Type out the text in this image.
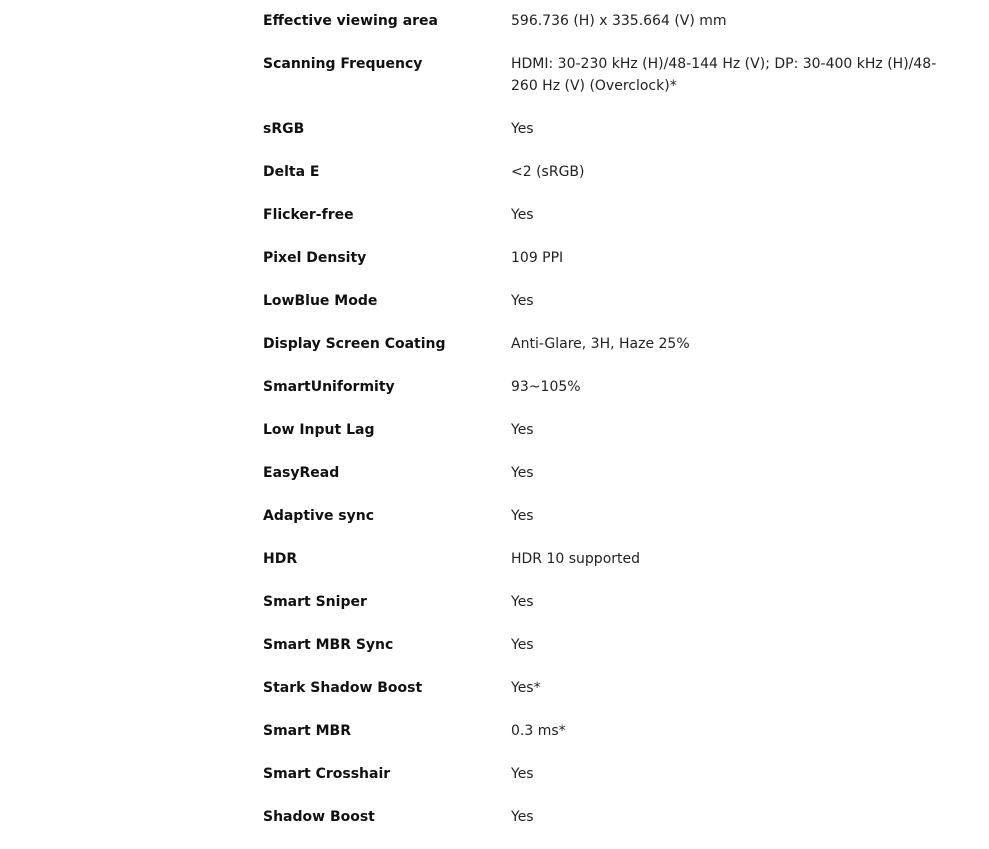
Effective viewing area	596.736 (H) x 335.664 (V) mm
Scanning Frequency	HDMI: 30-230 kHz (H)/48-144 Hz (V); DP: 30-400 kHz (H)/48-260 Hz (V) (Overclock)*
sRGB	Yes
Delta E	<2 (sRGB)
Flicker-free	Yes
Pixel Density	109 PPI
LowBlue Mode	Yes
Display Screen Coating	Anti-Glare, 3H, Haze 25%
SmartUniformity	93~105%
Low Input Lag	Yes
EasyRead	Yes
Adaptive sync	Yes
HDR	HDR 10 supported
Smart Sniper	Yes
Smart MBR Sync	Yes
Stark Shadow Boost	Yes*
Smart MBR	0.3 ms*
Smart Crosshair	Yes
Shadow Boost	Yes
